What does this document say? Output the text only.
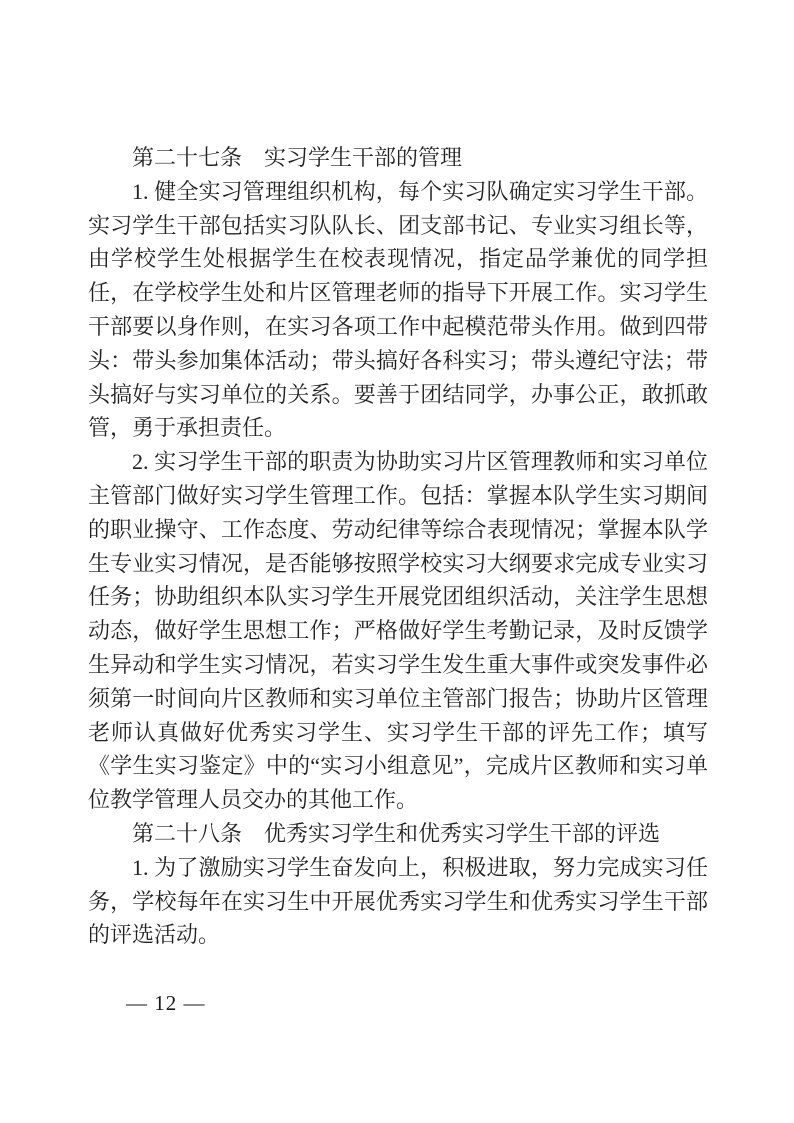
第二十七条　实习学生干部的管理

1. 健全实习管理组织机构，每个实习队确定实习学生干部。实习学生干部包括实习队队长、团支部书记、专业实习组长等，由学校学生处根据学生在校表现情况，指定品学兼优的同学担任，在学校学生处和片区管理老师的指导下开展工作。实习学生干部要以身作则，在实习各项工作中起模范带头作用。做到四带头：带头参加集体活动；带头搞好各科实习；带头遵纪守法；带头搞好与实习单位的关系。要善于团结同学，办事公正，敢抓敢管，勇于承担责任。

2. 实习学生干部的职责为协助实习片区管理教师和实习单位主管部门做好实习学生管理工作。包括：掌握本队学生实习期间的职业操守、工作态度、劳动纪律等综合表现情况；掌握本队学生专业实习情况，是否能够按照学校实习大纲要求完成专业实习任务；协助组织本队实习学生开展党团组织活动，关注学生思想动态，做好学生思想工作；严格做好学生考勤记录，及时反馈学生异动和学生实习情况，若实习学生发生重大事件或突发事件必须第一时间向片区教师和实习单位主管部门报告；协助片区管理老师认真做好优秀实习学生、实习学生干部的评先工作；填写《学生实习鉴定》中的“实习小组意见”，完成片区教师和实习单位教学管理人员交办的其他工作。

第二十八条　优秀实习学生和优秀实习学生干部的评选

1. 为了激励实习学生奋发向上，积极进取，努力完成实习任务，学校每年在实习生中开展优秀实习学生和优秀实习学生干部的评选活动。

— 12 —
